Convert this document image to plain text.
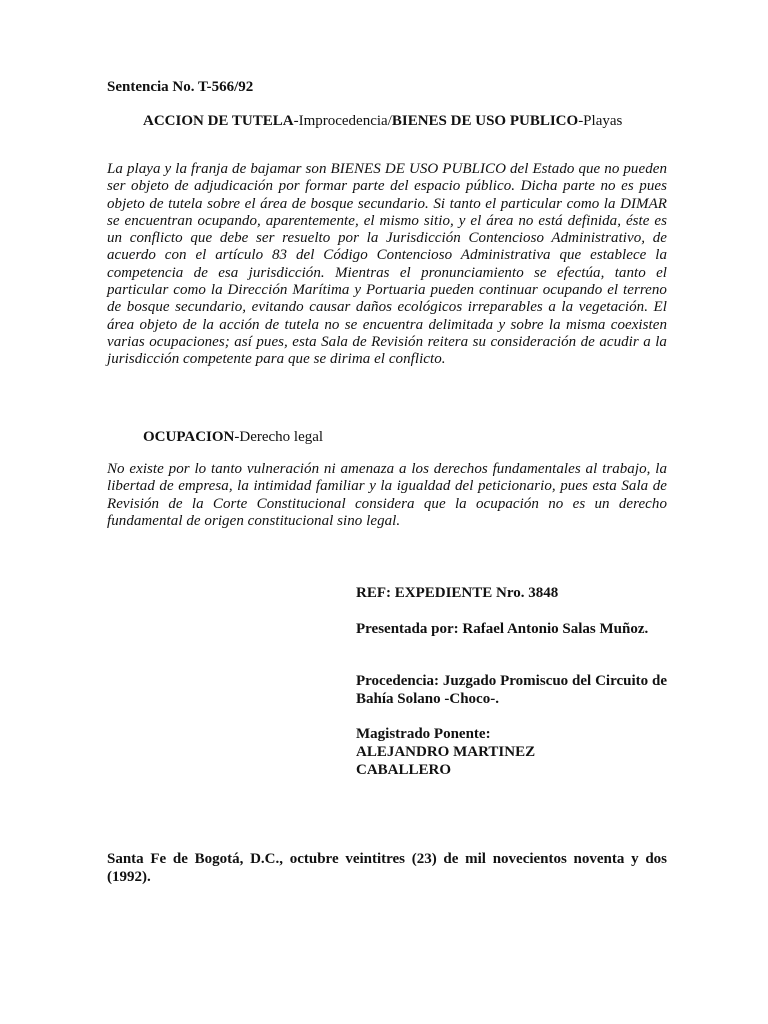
Sentencia No. T-566/92
ACCION DE TUTELA-Improcedencia/BIENES DE USO PUBLICO-Playas
La playa y la franja de bajamar son BIENES DE USO PUBLICO del Estado que no pueden ser objeto de adjudicación por formar parte del espacio público. Dicha parte no es pues objeto de tutela sobre el área de bosque secundario. Si tanto el particular como la DIMAR se encuentran ocupando, aparentemente, el mismo sitio, y el área no está definida, éste es un conflicto que debe ser resuelto por la Jurisdicción Contencioso Administrativo, de acuerdo con el artículo 83 del Código Contencioso Administrativa que establece la competencia de esa jurisdicción. Mientras el pronunciamiento se efectúa, tanto el particular como la Dirección Marítima y Portuaria pueden continuar ocupando el terreno de bosque secundario, evitando causar daños ecológicos irreparables a la vegetación. El área objeto de la acción de tutela no se encuentra delimitada y sobre la misma coexisten varias ocupaciones; así pues, esta Sala de Revisión reitera su consideración de acudir a la jurisdicción competente para que se dirima el conflicto.
OCUPACION-Derecho legal
No existe por lo tanto vulneración ni amenaza a los derechos fundamentales al trabajo, la libertad de empresa, la intimidad familiar y la igualdad del peticionario, pues esta Sala de Revisión de la Corte Constitucional considera que la ocupación no es un derecho fundamental de origen constitucional sino legal.
REF: EXPEDIENTE Nro. 3848
Presentada por: Rafael Antonio Salas Muñoz.
Procedencia: Juzgado Promiscuo del Circuito de Bahía Solano -Choco-.
Magistrado Ponente:
ALEJANDRO MARTINEZ
CABALLERO
Santa Fe de Bogotá, D.C., octubre veintitres (23) de mil novecientos noventa y dos (1992).
